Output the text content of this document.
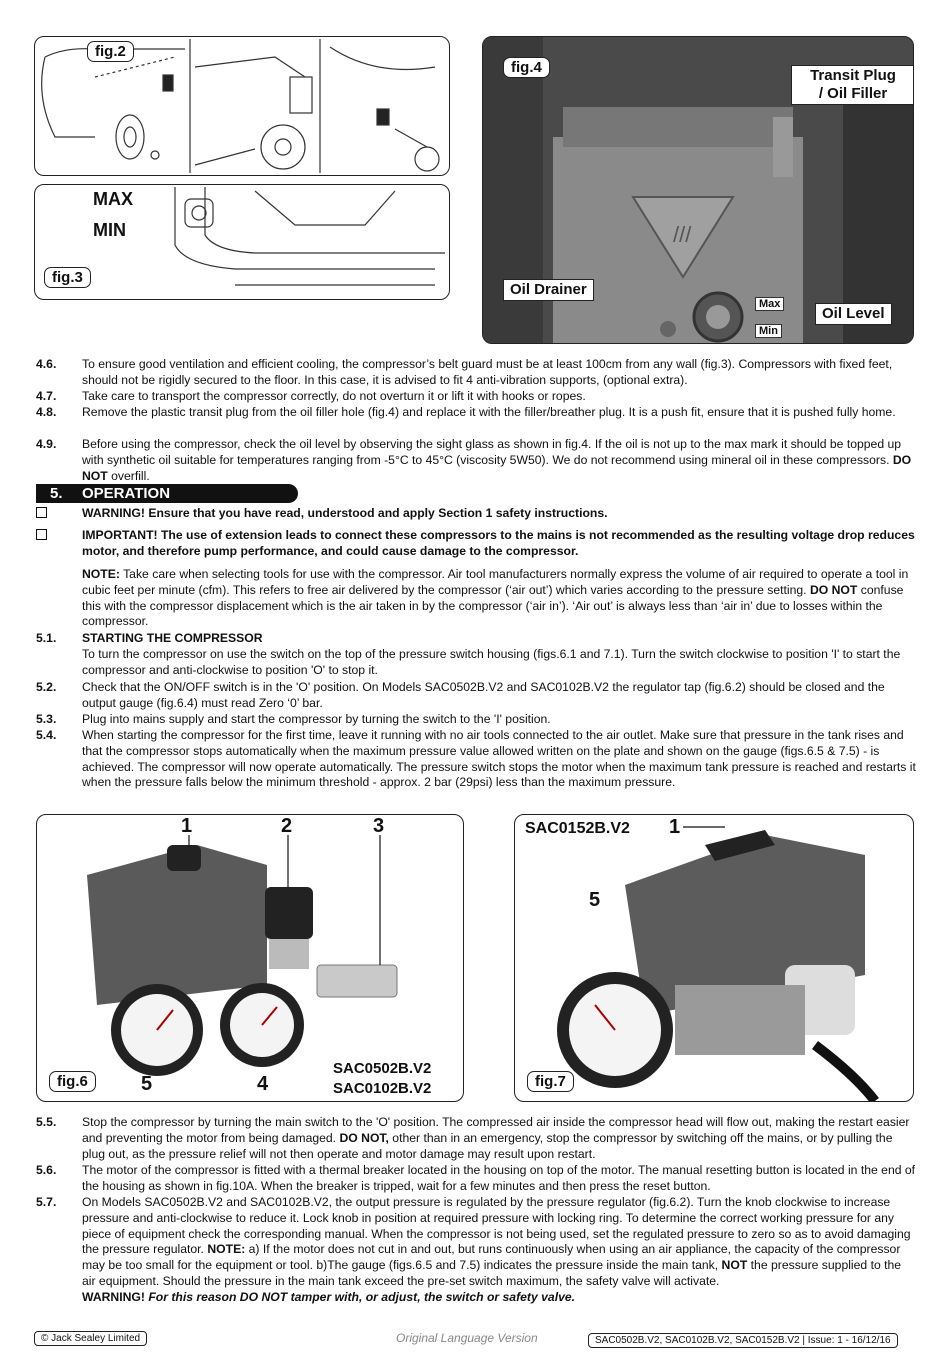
fig.2
MAX
MIN
fig.3
///
fig.4	Transit Plug
/ Oil Filler
Oil Drainer
Oil Level
Max
Min
4.6.	To ensure good ventilation and efficient cooling, the compressor’s belt guard must be at least 100cm from any wall (fig.3). Compressors with fixed feet, should not be rigidly secured to the floor. In this case, it is advised to fit 4 anti-vibration supports, (optional extra).
4.7.	Take care to transport the compressor correctly, do not overturn it or lift it with hooks or ropes.
4.8.	Remove the plastic transit plug from the oil filler hole (fig.4) and replace it with the filler/breather plug. It is a push fit, ensure that it is pushed fully home.
4.9.	Before using the compressor, check the oil level by observing the sight glass as shown in fig.4. If the oil is not up to the max mark it should be topped up with synthetic oil suitable for temperatures ranging from -5°C to 45°C (viscosity 5W50). We do not recommend using mineral oil in these compressors. DO NOT overfill.
5. OPERATION
WARNING! Ensure that you have read, understood and apply Section 1 safety instructions.
IMPORTANT! The use of extension leads to connect these compressors to the mains is not recommended as the resulting voltage drop reduces motor, and therefore pump performance, and could cause damage to the compressor.
NOTE: Take care when selecting tools for use with the compressor. Air tool manufacturers normally express the volume of air required to operate a tool in cubic feet per minute (cfm). This refers to free air delivered by the compressor (‘air out’) which varies according to the pressure setting. DO NOT confuse this with the compressor displacement which is the air taken in by the compressor (‘air in’). ‘Air out’ is always less than ‘air in’ due to losses within the compressor.
5.1.	STARTING THE COMPRESSOR
To turn the compressor on use the switch on the top of the pressure switch housing (figs.6.1 and 7.1). Turn the switch clockwise to position 'I' to start the compressor and anti-clockwise to position 'O' to stop it.
5.2.	Check that the ON/OFF switch is in the 'O' position. On Models SAC0502B.V2 and SAC0102B.V2 the regulator tap (fig.6.2) should be closed and the output gauge (fig.6.4) must read Zero ‘0’ bar.
5.3.	Plug into mains supply and start the compressor by turning the switch to the 'I' position.
5.4.	When starting the compressor for the first time, leave it running with no air tools connected to the air outlet. Make sure that pressure in the tank rises and that the compressor stops automatically when the maximum pressure value allowed written on the plate and shown on the gauge (figs.6.5 & 7.5) - is achieved. The compressor will now operate automatically. The pressure switch stops the motor when the maximum tank pressure is reached and restarts it when the pressure falls below the minimum threshold - approx. 2 bar (29psi) less than the maximum pressure.
1	2	3
5	4
SAC0502B.V2
SAC0102B.V2
fig.6
SAC0152B.V2 1
5
fig.7
5.5.	Stop the compressor by turning the main switch to the 'O' position. The compressed air inside the compressor head will flow out, making the restart easier and preventing the motor from being damaged. DO NOT, other than in an emergency, stop the compressor by switching off the mains, or by pulling the plug out, as the pressure relief will not then operate and motor damage may result upon restart.
5.6.	The motor of the compressor is fitted with a thermal breaker located in the housing on top of the motor. The manual resetting button is located in the end of the housing as shown in fig.10A. When the breaker is tripped, wait for a few minutes and then press the reset button.
5.7.	On Models SAC0502B.V2 and SAC0102B.V2, the output pressure is regulated by the pressure regulator (fig.6.2). Turn the knob clockwise to increase pressure and anti-clockwise to reduce it. Lock knob in position at required pressure with locking ring. To determine the correct working pressure for any piece of equipment check the corresponding manual. When the compressor is not being used, set the regulated pressure to zero so as to avoid damaging the pressure regulator. NOTE: a) If the motor does not cut in and out, but runs continuously when using an air appliance, the capacity of the compressor may be too small for the equipment or tool. b)The gauge (figs.6.5 and 7.5) indicates the pressure inside the main tank, NOT the pressure supplied to the air equipment. Should the pressure in the main tank exceed the pre-set switch maximum, the safety valve will activate.
WARNING! For this reason DO NOT tamper with, or adjust, the switch or safety valve.
© Jack Sealey Limited	Original Language Version	SAC0502B.V2, SAC0102B.V2, SAC0152B.V2 | Issue: 1 - 16/12/16
